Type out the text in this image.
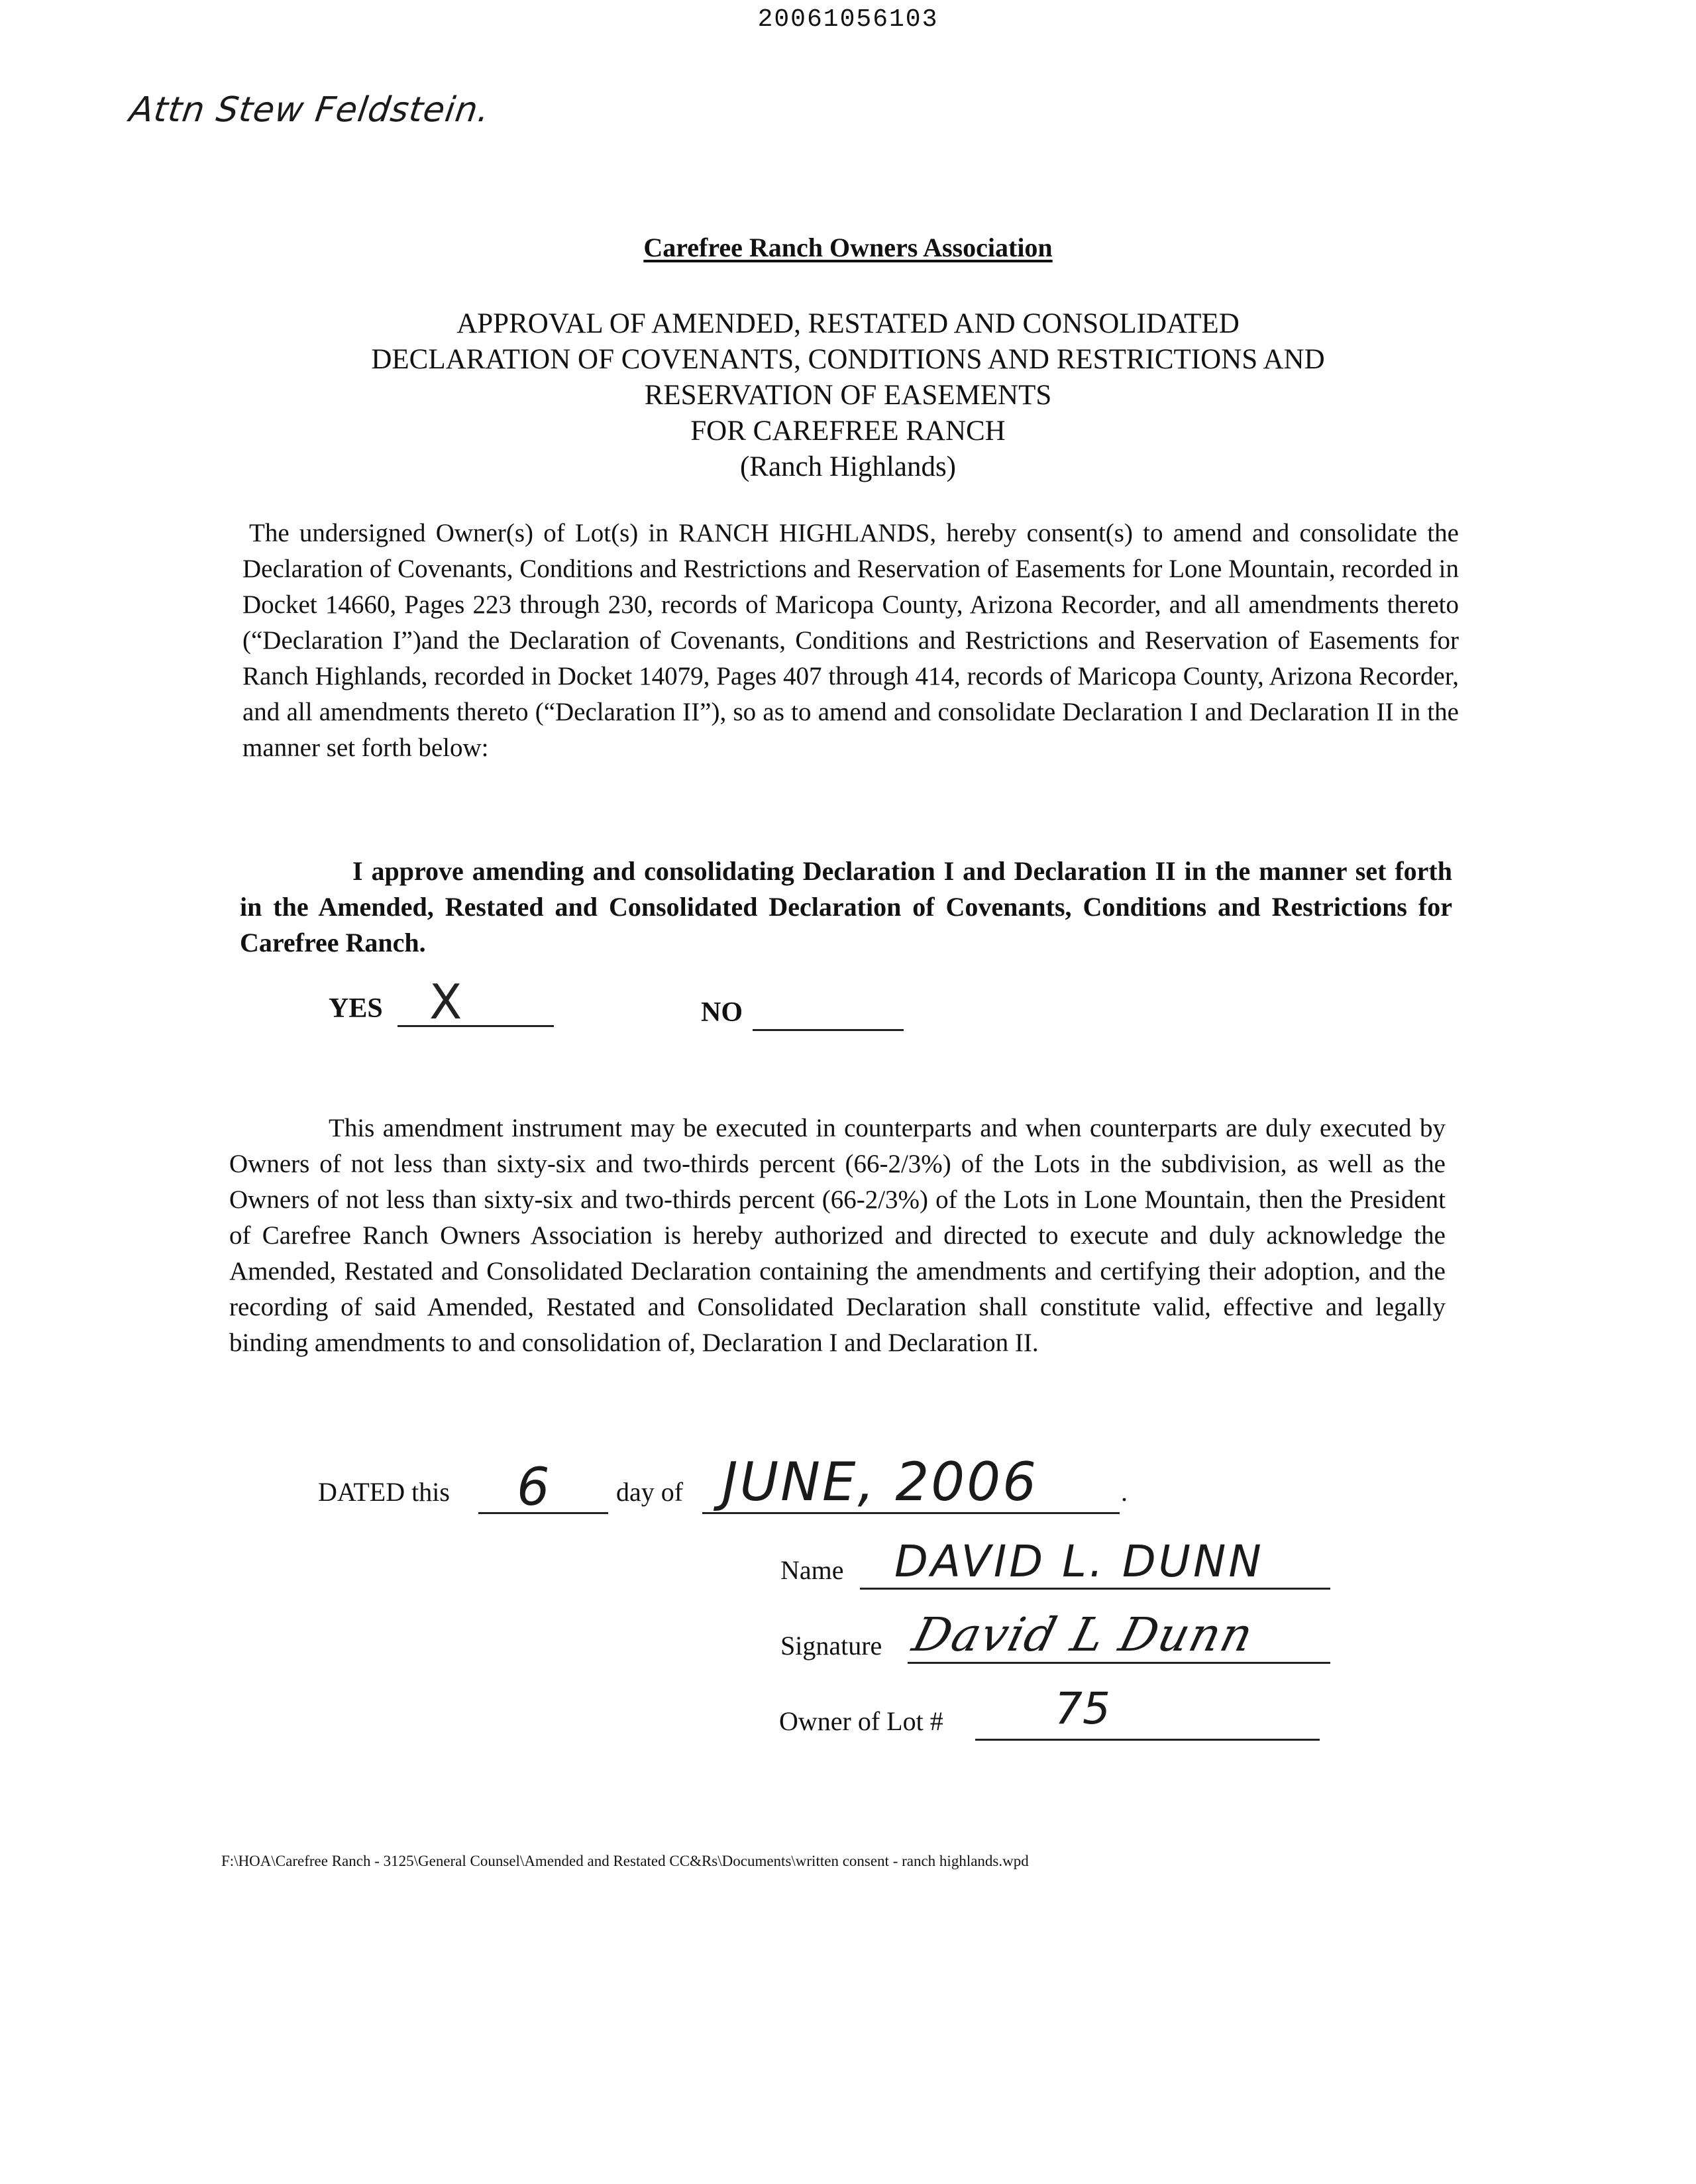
20061056103
Attn Stew Feldstein.
Carefree Ranch Owners Association
APPROVAL OF AMENDED, RESTATED AND CONSOLIDATED
DECLARATION OF COVENANTS, CONDITIONS AND RESTRICTIONS AND
RESERVATION OF EASEMENTS
FOR CAREFREE RANCH
(Ranch Highlands)
The undersigned Owner(s) of Lot(s) in RANCH HIGHLANDS, hereby consent(s) to amend and consolidate the Declaration of Covenants, Conditions and Restrictions and Reservation of Easements for Lone Mountain, recorded in Docket 14660, Pages 223 through 230, records of Maricopa County, Arizona Recorder, and all amendments thereto (“Declaration I”)and the Declaration of Covenants, Conditions and Restrictions and Reservation of Easements for Ranch Highlands, recorded in Docket 14079, Pages 407 through 414, records of Maricopa County, Arizona Recorder, and all amendments thereto (“Declaration II”), so as to amend and consolidate Declaration I and Declaration II in the manner set forth below:
I approve amending and consolidating Declaration I and Declaration II in the manner set forth in the Amended, Restated and Consolidated Declaration of Covenants, Conditions and Restrictions for Carefree Ranch.
YES X	NO
This amendment instrument may be executed in counterparts and when counterparts are duly executed by Owners of not less than sixty-six and two-thirds percent (66-2/3%) of the Lots in the subdivision, as well as the Owners of not less than sixty-six and two-thirds percent (66-2/3%) of the Lots in Lone Mountain, then the President of Carefree Ranch Owners Association is hereby authorized and directed to execute and duly acknowledge the Amended, Restated and Consolidated Declaration containing the amendments and certifying their adoption, and the recording of said Amended, Restated and Consolidated Declaration shall constitute valid, effective and legally binding amendments to and consolidation of, Declaration I and Declaration II.
DATED this 6	day of JUNE, 2006	.
Name DAVID L. DUNN
Signature David L Dunn
Owner of Lot #	75
F:\HOA\Carefree Ranch - 3125\General Counsel\Amended and Restated CC&Rs\Documents\written consent - ranch highlands.wpd
